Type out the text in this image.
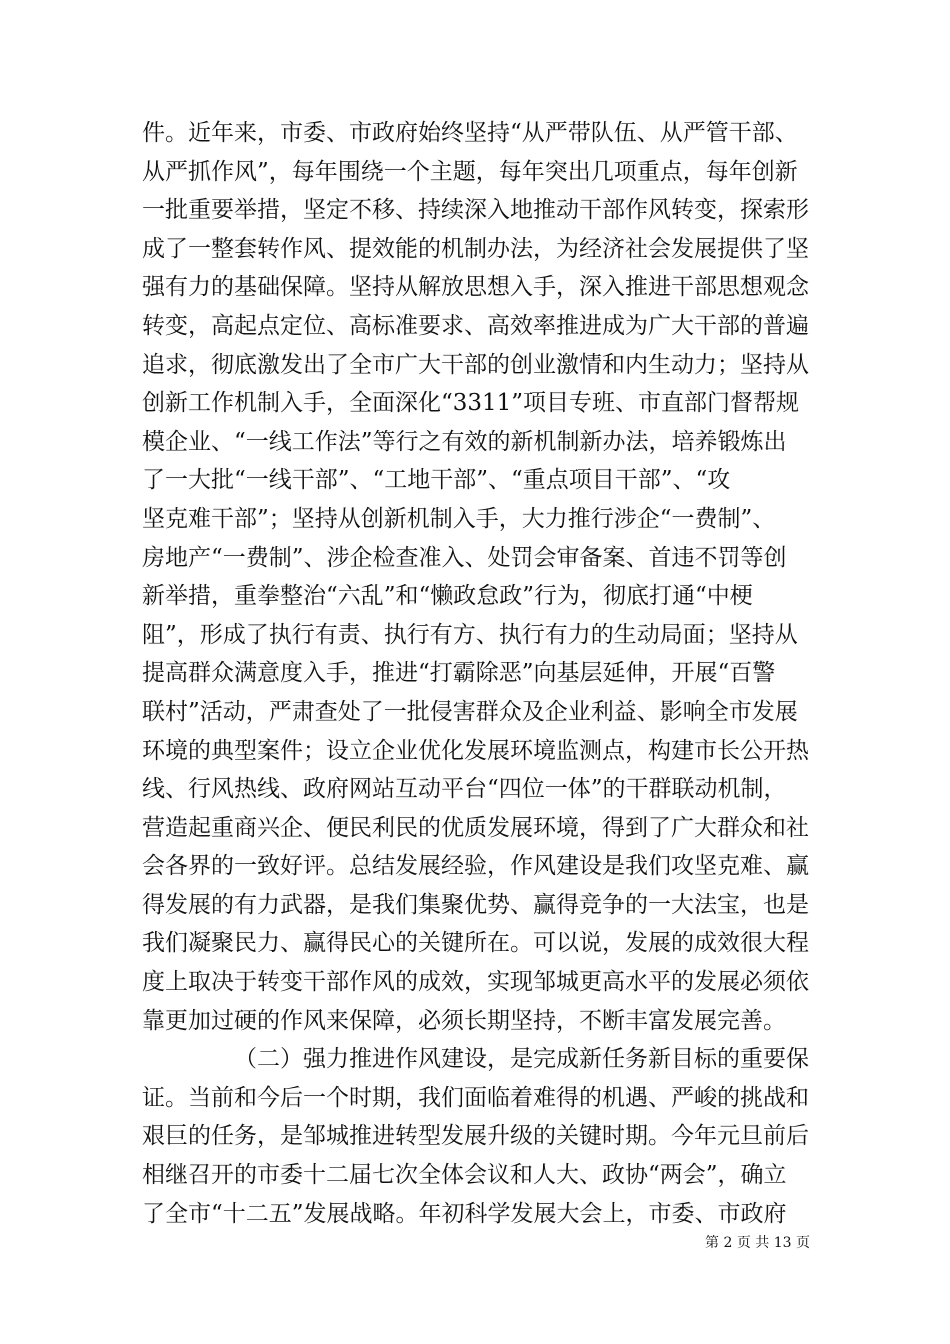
件。近年来，市委、市政府始终坚持“从严带队伍、从严管干部、
从严抓作风”，每年围绕一个主题，每年突出几项重点，每年创新
一批重要举措，坚定不移、持续深入地推动干部作风转变，探索形
成了一整套转作风、提效能的机制办法，为经济社会发展提供了坚
强有力的基础保障。坚持从解放思想入手，深入推进干部思想观念
转变，高起点定位、高标准要求、高效率推进成为广大干部的普遍
追求，彻底激发出了全市广大干部的创业激情和内生动力；坚持从
创新工作机制入手，全面深化“3311”项目专班、市直部门督帮规
模企业、“一线工作法”等行之有效的新机制新办法，培养锻炼出
了一大批“一线干部”、“工地干部”、“重点项目干部”、“攻
坚克难干部”；坚持从创新机制入手，大力推行涉企“一费制”、
房地产“一费制”、涉企检查准入、处罚会审备案、首违不罚等创
新举措，重拳整治“六乱”和“懒政怠政”行为，彻底打通“中梗
阻”，形成了执行有责、执行有方、执行有力的生动局面；坚持从
提高群众满意度入手，推进“打霸除恶”向基层延伸，开展“百警
联村”活动，严肃查处了一批侵害群众及企业利益、影响全市发展
环境的典型案件；设立企业优化发展环境监测点，构建市长公开热
线、行风热线、政府网站互动平台“四位一体”的干群联动机制，
营造起重商兴企、便民利民的优质发展环境，得到了广大群众和社
会各界的一致好评。总结发展经验，作风建设是我们攻坚克难、赢
得发展的有力武器，是我们集聚优势、赢得竞争的一大法宝，也是
我们凝聚民力、赢得民心的关键所在。可以说，发展的成效很大程
度上取决于转变干部作风的成效，实现邹城更高水平的发展必须依
靠更加过硬的作风来保障，必须长期坚持，不断丰富发展完善。
（二）强力推进作风建设，是完成新任务新目标的重要保
证。当前和今后一个时期，我们面临着难得的机遇、严峻的挑战和
艰巨的任务，是邹城推进转型发展升级的关键时期。今年元旦前后
相继召开的市委十二届七次全体会议和人大、政协“两会”，确立
了全市“十二五”发展战略。年初科学发展大会上，市委、市政府
第 2 页 共 13 页
